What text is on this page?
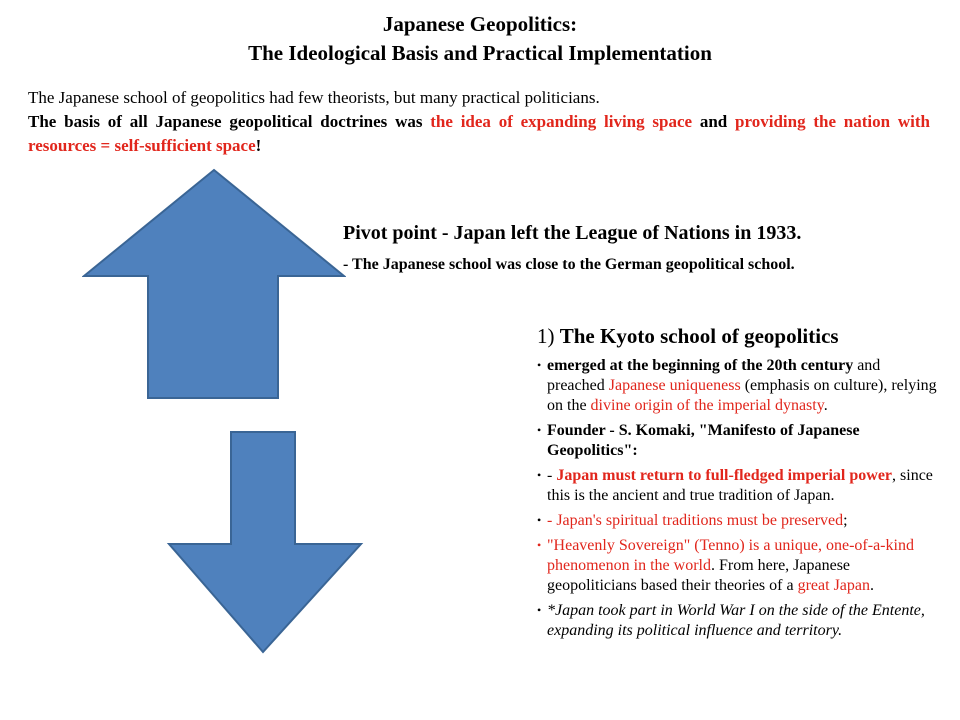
Japanese Geopolitics:
The Ideological Basis and Practical Implementation
The Japanese school of geopolitics had few theorists, but many practical politicians.
The basis of all Japanese geopolitical doctrines was the idea of expanding living space and providing the nation with resources = self-sufficient space!
Pivot point - Japan left the League of Nations in 1933.
- The Japanese school was close to the German geopolitical school.
1) The Kyoto school of geopolitics
• emerged at the beginning of the 20th century and preached Japanese uniqueness (emphasis on culture), relying on the divine origin of the imperial dynasty.
• Founder - S. Komaki, "Manifesto of Japanese Geopolitics":
• - Japan must return to full-fledged imperial power, since this is the ancient and true tradition of Japan.
• - Japan's spiritual traditions must be preserved;
• "Heavenly Sovereign" (Tenno) is a unique, one-of-a-kind phenomenon in the world. From here, Japanese geopoliticians based their theories of a great Japan.
• *Japan took part in World War I on the side of the Entente, expanding its political influence and territory.
